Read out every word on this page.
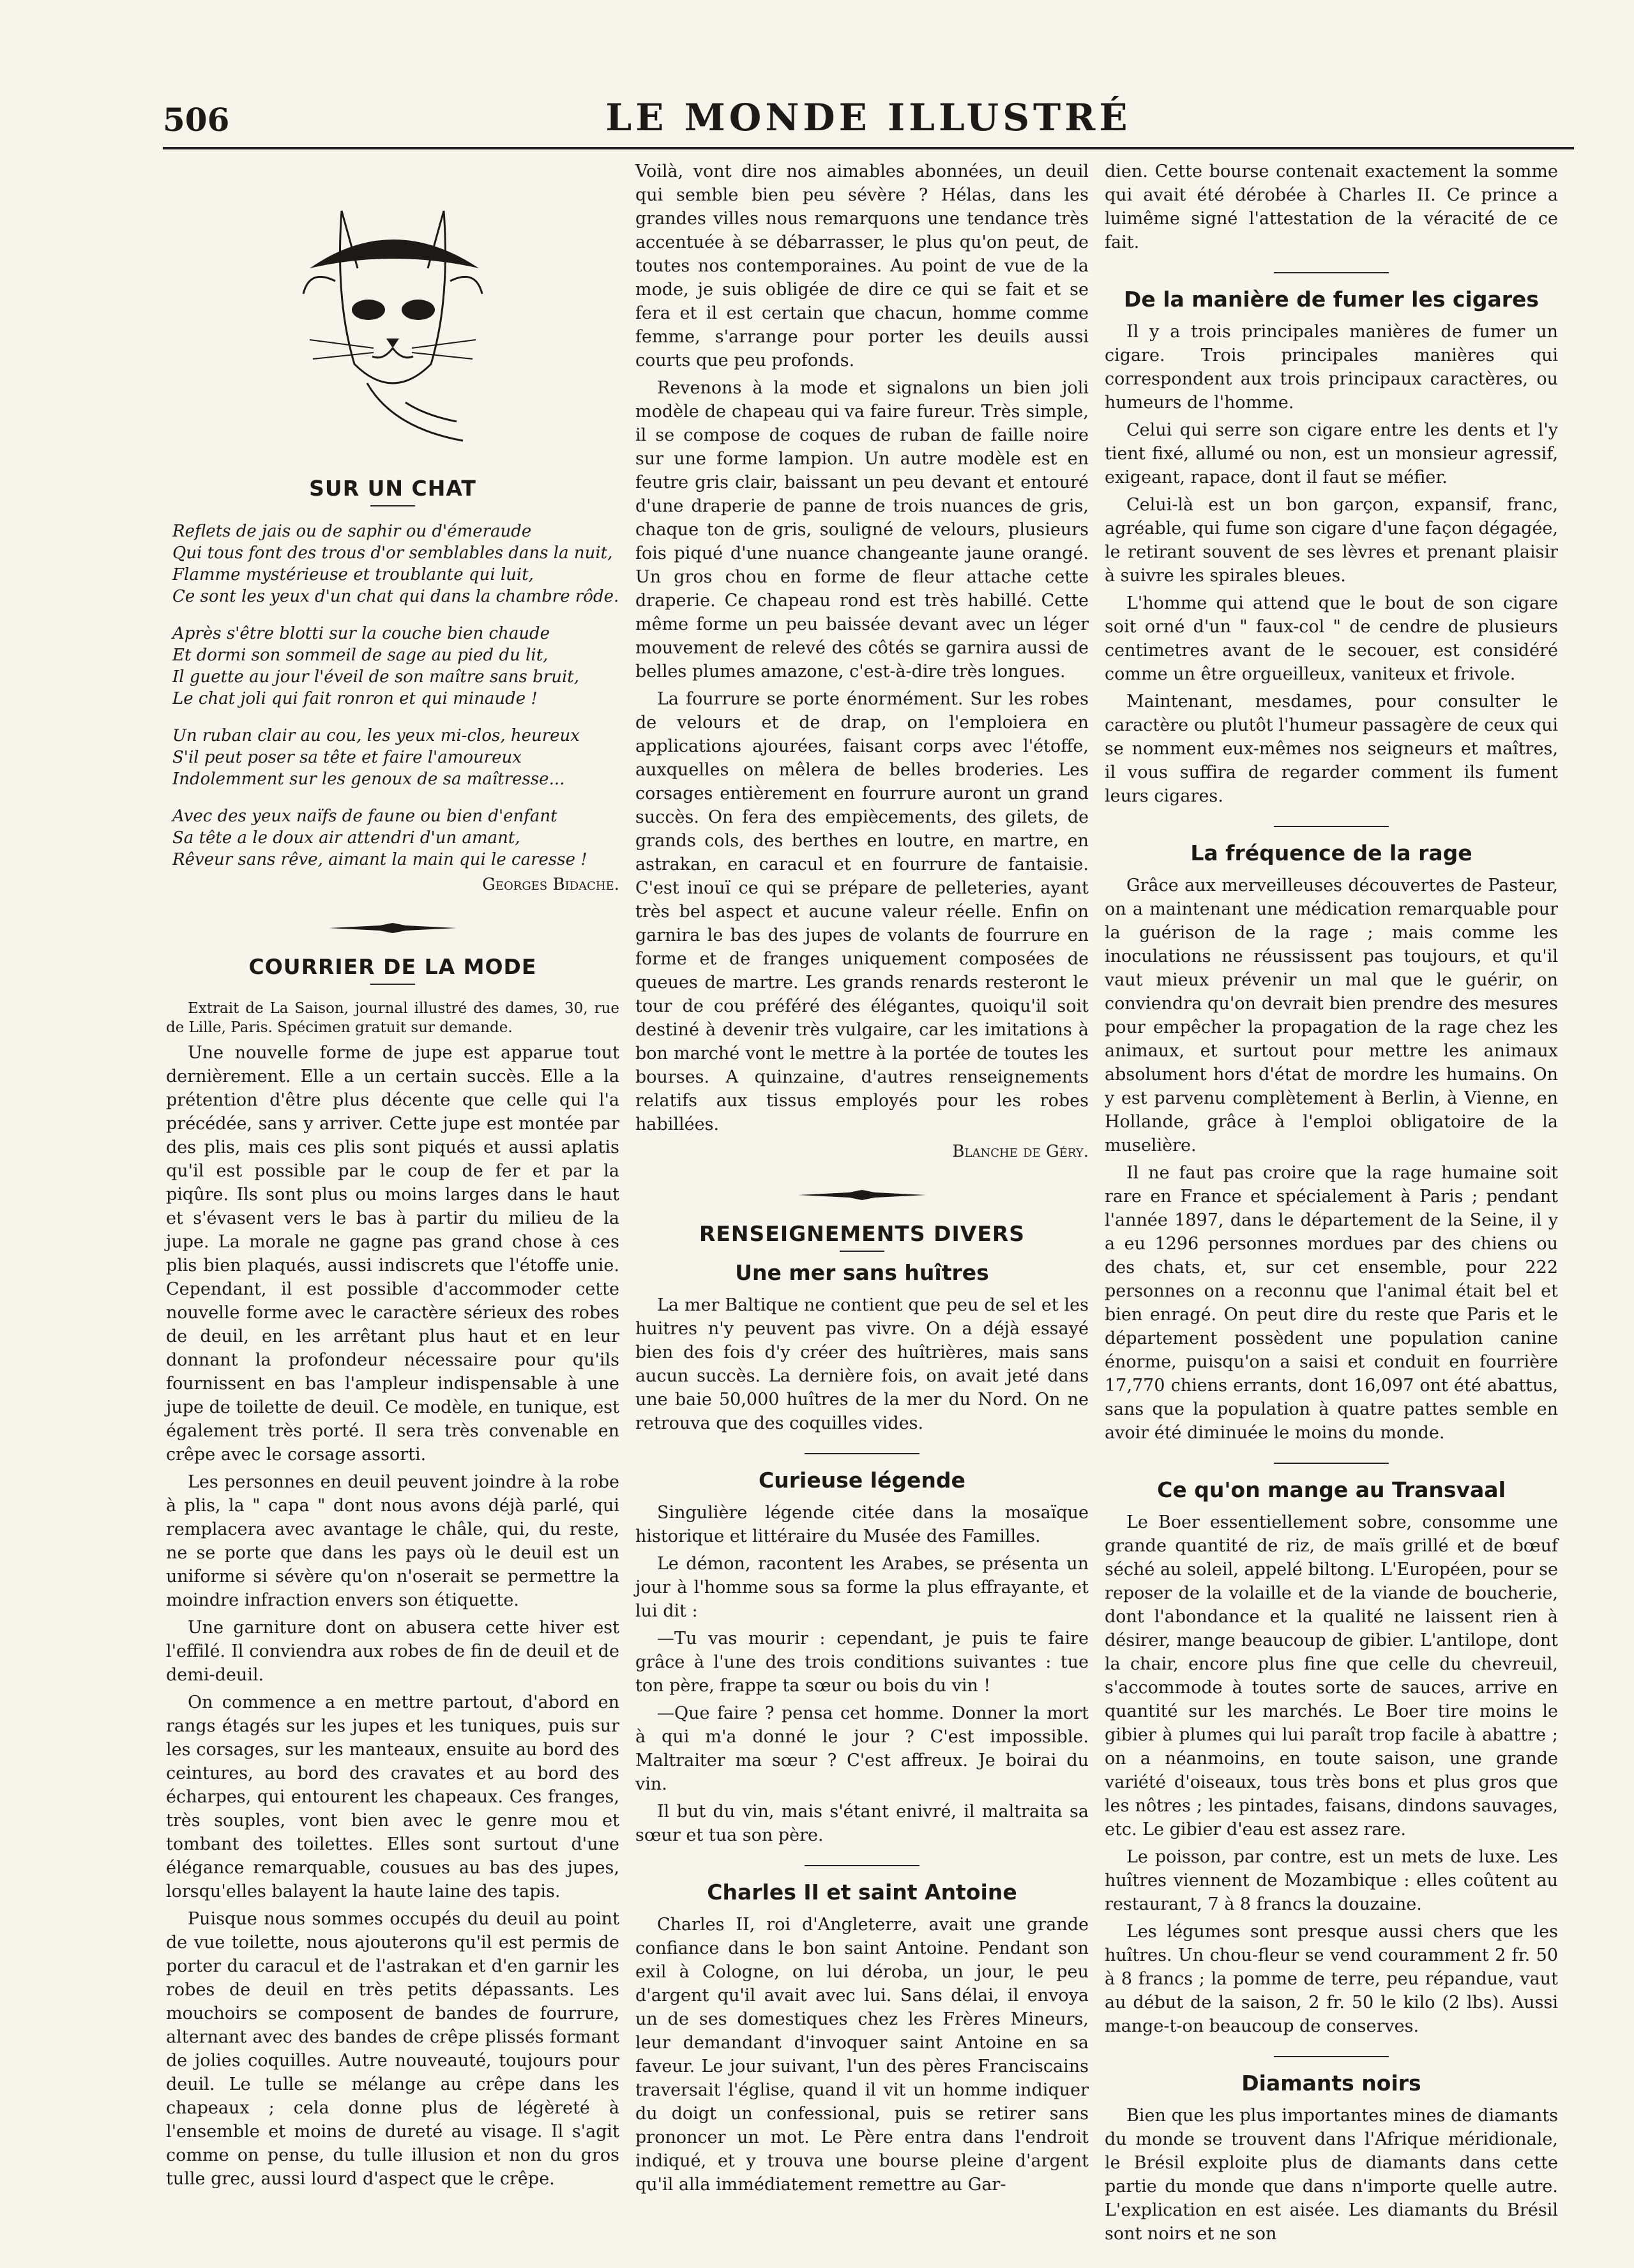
506	LE MONDE ILLUSTRÉ
SUR UN CHAT
Reflets de jais ou de saphir ou d'émeraude
Qui tous font des trous d'or semblables dans la nuit,
Flamme mystérieuse et troublante qui luit,
Ce sont les yeux d'un chat qui dans la chambre rôde.
Après s'être blotti sur la couche bien chaude
Et dormi son sommeil de sage au pied du lit,
Il guette au jour l'éveil de son maître sans bruit,
Le chat joli qui fait ronron et qui minaude !
Un ruban clair au cou, les yeux mi-clos, heureux
S'il peut poser sa tête et faire l'amoureux
Indolemment sur les genoux de sa maîtresse...
Avec des yeux naïfs de faune ou bien d'enfant
Sa tête a le doux air attendri d'un amant,
Rêveur sans rêve, aimant la main qui le caresse !

Georges Bidache.

COURRIER DE LA MODE

Extrait de La Saison, journal illustré des dames, 30, rue de Lille, Paris. Spécimen gratuit sur demande.

Une nouvelle forme de jupe est apparue tout dernièrement. Elle a un certain succès. Elle a la prétention d'être plus décente que celle qui l'a précédée, sans y arriver. Cette jupe est montée par des plis, mais ces plis sont piqués et aussi aplatis qu'il est possible par le coup de fer et par la piqûre. Ils sont plus ou moins larges dans le haut et s'évasent vers le bas à partir du milieu de la jupe. La morale ne gagne pas grand chose à ces plis bien plaqués, aussi indiscrets que l'étoffe unie. Cependant, il est possible d'accommoder cette nouvelle forme avec le caractère sérieux des robes de deuil, en les arrêtant plus haut et en leur donnant la profondeur nécessaire pour qu'ils fournissent en bas l'ampleur indispensable à une jupe de toilette de deuil. Ce modèle, en tunique, est également très porté. Il sera très convenable en crêpe avec le corsage assorti.

Les personnes en deuil peuvent joindre à la robe à plis, la " capa " dont nous avons déjà parlé, qui remplacera avec avantage le châle, qui, du reste, ne se porte que dans les pays où le deuil est un uniforme si sévère qu'on n'oserait se permettre la moindre infraction envers son étiquette.

Une garniture dont on abusera cette hiver est l'effilé. Il conviendra aux robes de fin de deuil et de demi-deuil.

On commence a en mettre partout, d'abord en rangs étagés sur les jupes et les tuniques, puis sur les corsages, sur les manteaux, ensuite au bord des ceintures, au bord des cravates et au bord des écharpes, qui entourent les chapeaux. Ces franges, très souples, vont bien avec le genre mou et tombant des toilettes. Elles sont surtout d'une élégance remarquable, cousues au bas des jupes, lorsqu'elles balayent la haute laine des tapis.

Puisque nous sommes occupés du deuil au point de vue toilette, nous ajouterons qu'il est permis de porter du caracul et de l'astrakan et d'en garnir les robes de deuil en très petits dépassants. Les mouchoirs se composent de bandes de fourrure, alternant avec des bandes de crêpe plissés formant de jolies coquilles. Autre nouveauté, toujours pour deuil. Le tulle se mélange au crêpe dans les chapeaux ; cela donne plus de légèreté à l'ensemble et moins de dureté au visage. Il s'agit comme on pense, du tulle illusion et non du gros tulle grec, aussi lourd d'aspect que le crêpe.

Voilà, vont dire nos aimables abonnées, un deuil qui semble bien peu sévère ? Hélas, dans les grandes villes nous remarquons une tendance très accentuée à se débarrasser, le plus qu'on peut, de toutes nos contemporaines. Au point de vue de la mode, je suis obligée de dire ce qui se fait et se fera et il est certain que chacun, homme comme femme, s'arrange pour porter les deuils aussi courts que peu profonds.

Revenons à la mode et signalons un bien joli modèle de chapeau qui va faire fureur. Très simple, il se compose de coques de ruban de faille noire sur une forme lampion. Un autre modèle est en feutre gris clair, baissant un peu devant et entouré d'une draperie de panne de trois nuances de gris, chaque ton de gris, souligné de velours, plusieurs fois piqué d'une nuance changeante jaune orangé. Un gros chou en forme de fleur attache cette draperie. Ce chapeau rond est très habillé. Cette même forme un peu baissée devant avec un léger mouvement de relevé des côtés se garnira aussi de belles plumes amazone, c'est-à-dire très longues.

La fourrure se porte énormément. Sur les robes de velours et de drap, on l'emploiera en applications ajourées, faisant corps avec l'étoffe, auxquelles on mêlera de belles broderies. Les corsages entièrement en fourrure auront un grand succès. On fera des empiècements, des gilets, de grands cols, des berthes en loutre, en martre, en astrakan, en caracul et en fourrure de fantaisie. C'est inouï ce qui se prépare de pelleteries, ayant très bel aspect et aucune valeur réelle. Enfin on garnira le bas des jupes de volants de fourrure en forme et de franges uniquement composées de queues de martre. Les grands renards resteront le tour de cou préféré des élégantes, quoiqu'il soit destiné à devenir très vulgaire, car les imitations à bon marché vont le mettre à la portée de toutes les bourses. A quinzaine, d'autres renseignements relatifs aux tissus employés pour les robes habillées.

Blanche de Géry.

RENSEIGNEMENTS DIVERS
Une mer sans huîtres

La mer Baltique ne contient que peu de sel et les huitres n'y peuvent pas vivre. On a déjà essayé bien des fois d'y créer des huîtrières, mais sans aucun succès. La dernière fois, on avait jeté dans une baie 50,000 huîtres de la mer du Nord. On ne retrouva que des coquilles vides.

Curieuse légende

Singulière légende citée dans la mosaïque historique et littéraire du Musée des Familles.

Le démon, racontent les Arabes, se présenta un jour à l'homme sous sa forme la plus effrayante, et lui dit :

—Tu vas mourir : cependant, je puis te faire grâce à l'une des trois conditions suivantes : tue ton père, frappe ta sœur ou bois du vin !

—Que faire ? pensa cet homme. Donner la mort à qui m'a donné le jour ? C'est impossible. Maltraiter ma sœur ? C'est affreux. Je boirai du vin.

Il but du vin, mais s'étant enivré, il maltraita sa sœur et tua son père.

Charles II et saint Antoine

Charles II, roi d'Angleterre, avait une grande confiance dans le bon saint Antoine. Pendant son exil à Cologne, on lui déroba, un jour, le peu d'argent qu'il avait avec lui. Sans délai, il envoya un de ses domestiques chez les Frères Mineurs, leur demandant d'invoquer saint Antoine en sa faveur. Le jour suivant, l'un des pères Franciscains traversait l'église, quand il vit un homme indiquer du doigt un confessional, puis se retirer sans prononcer un mot. Le Père entra dans l'endroit indiqué, et y trouva une bourse pleine d'argent qu'il alla immédiatement remettre au Gar-

dien. Cette bourse contenait exactement la somme qui avait été dérobée à Charles II. Ce prince a luimême signé l'attestation de la véracité de ce fait.

De la manière de fumer les cigares

Il y a trois principales manières de fumer un cigare. Trois principales manières qui correspondent aux trois principaux caractères, ou humeurs de l'homme.

Celui qui serre son cigare entre les dents et l'y tient fixé, allumé ou non, est un monsieur agressif, exigeant, rapace, dont il faut se méfier.

Celui-là est un bon garçon, expansif, franc, agréable, qui fume son cigare d'une façon dégagée, le retirant souvent de ses lèvres et prenant plaisir à suivre les spirales bleues.

L'homme qui attend que le bout de son cigare soit orné d'un " faux-col " de cendre de plusieurs centimetres avant de le secouer, est considéré comme un être orgueilleux, vaniteux et frivole.

Maintenant, mesdames, pour consulter le caractère ou plutôt l'humeur passagère de ceux qui se nomment eux-mêmes nos seigneurs et maîtres, il vous suffira de regarder comment ils fument leurs cigares.

La fréquence de la rage

Grâce aux merveilleuses découvertes de Pasteur, on a maintenant une médication remarquable pour la guérison de la rage ; mais comme les inoculations ne réussissent pas toujours, et qu'il vaut mieux prévenir un mal que le guérir, on conviendra qu'on devrait bien prendre des mesures pour empêcher la propagation de la rage chez les animaux, et surtout pour mettre les animaux absolument hors d'état de mordre les humains. On y est parvenu complètement à Berlin, à Vienne, en Hollande, grâce à l'emploi obligatoire de la muselière.

Il ne faut pas croire que la rage humaine soit rare en France et spécialement à Paris ; pendant l'année 1897, dans le département de la Seine, il y a eu 1296 personnes mordues par des chiens ou des chats, et, sur cet ensemble, pour 222 personnes on a reconnu que l'animal était bel et bien enragé. On peut dire du reste que Paris et le département possèdent une population canine énorme, puisqu'on a saisi et conduit en fourrière 17,770 chiens errants, dont 16,097 ont été abattus, sans que la population à quatre pattes semble en avoir été diminuée le moins du monde.

Ce qu'on mange au Transvaal

Le Boer essentiellement sobre, consomme une grande quantité de riz, de maïs grillé et de bœuf séché au soleil, appelé biltong. L'Européen, pour se reposer de la volaille et de la viande de boucherie, dont l'abondance et la qualité ne laissent rien à désirer, mange beaucoup de gibier. L'antilope, dont la chair, encore plus fine que celle du chevreuil, s'accommode à toutes sorte de sauces, arrive en quantité sur les marchés. Le Boer tire moins le gibier à plumes qui lui paraît trop facile à abattre ; on a néanmoins, en toute saison, une grande variété d'oiseaux, tous très bons et plus gros que les nôtres ; les pintades, faisans, dindons sauvages, etc. Le gibier d'eau est assez rare.

Le poisson, par contre, est un mets de luxe. Les huîtres viennent de Mozambique : elles coûtent au restaurant, 7 à 8 francs la douzaine.

Les légumes sont presque aussi chers que les huîtres. Un chou-fleur se vend couramment 2 fr. 50 à 8 francs ; la pomme de terre, peu répandue, vaut au début de la saison, 2 fr. 50 le kilo (2 lbs). Aussi mange-t-on beaucoup de conserves.

Diamants noirs

Bien que les plus importantes mines de diamants du monde se trouvent dans l'Afrique méridionale, le Brésil exploite plus de diamants dans cette partie du monde que dans n'importe quelle autre. L'explication en est aisée. Les diamants du Brésil sont noirs et ne son
